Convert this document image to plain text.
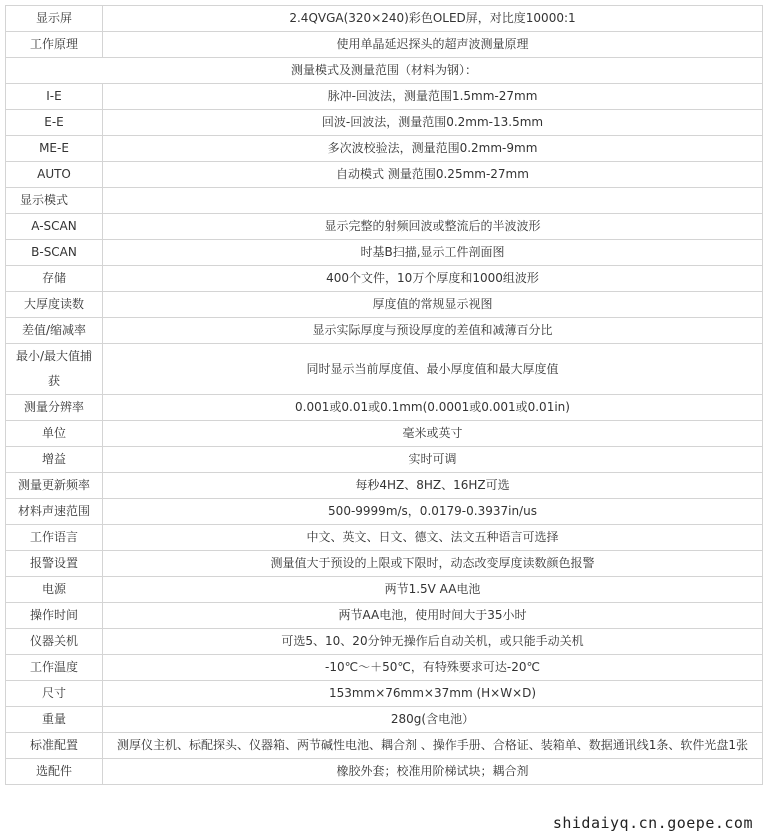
显示屏	2.4QVGA(320×240)彩色OLED屏，对比度10000:1
工作原理	使用单晶延迟探头的超声波测量原理
测量模式及测量范围（材料为钢）：	
I-E	脉冲-回波法，测量范围1.5mm-27mm
E-E	回波-回波法，测量范围0.2mm-13.5mm
ME-E	多次波校验法，测量范围0.2mm-9mm
AUTO	自动模式 测量范围0.25mm-27mm
显示模式	
A-SCAN	显示完整的射频回波或整流后的半波波形
B-SCAN	时基B扫描,显示工件剖面图
存储	400个文件，10万个厚度和1000组波形
大厚度读数	厚度值的常规显示视图
差值/缩减率	显示实际厚度与预设厚度的差值和减薄百分比
最小/最大值捕获	同时显示当前厚度值、最小厚度值和最大厚度值
测量分辨率	0.001或0.01或0.1mm(0.0001或0.001或0.01in)
单位	毫米或英寸
增益	实时可调
测量更新频率	每秒4HZ、8HZ、16HZ可选
材料声速范围	500-9999m/s，0.0179-0.3937in/us
工作语言	中文、英文、日文、德文、法文五种语言可选择
报警设置	测量值大于预设的上限或下限时，动态改变厚度读数颜色报警
电源	两节1.5V AA电池
操作时间	两节AA电池，使用时间大于35小时
仪器关机	可选5、10、20分钟无操作后自动关机，或只能手动关机
工作温度	-10℃～＋50℃，有特殊要求可达-20℃
尺寸	153mm×76mm×37mm (H×W×D)
重量	280g(含电池）
标准配置	测厚仪主机、标配探头、仪器箱、两节碱性电池、耦合剂 、操作手册、合格证、装箱单、数据通讯线1条、软件光盘1张
选配件	橡胶外套；校准用阶梯试块；耦合剂
shidaiyq.cn.goepe.com
